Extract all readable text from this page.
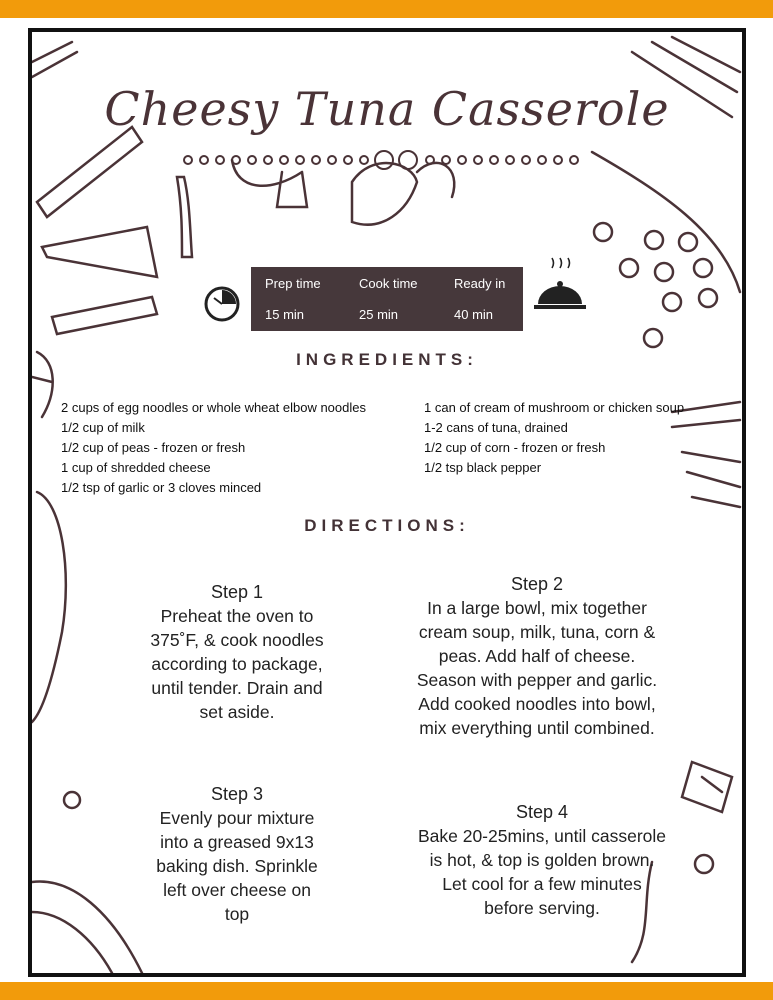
Cheesy Tuna Casserole
Prep time
15 min
Cook time
25 min
Ready in
40 min
INGREDIENTS:
2 cups of egg noodles or whole wheat elbow noodles
1/2 cup of milk
1/2 cup of peas - frozen or fresh
1 cup of shredded cheese
1/2 tsp of garlic or 3 cloves minced
1 can of cream of mushroom or chicken soup
1-2 cans of tuna, drained
1/2 cup of corn - frozen or fresh
1/2 tsp black pepper
DIRECTIONS:
Step 1
Preheat the oven to
375˚F, & cook noodles
according to package,
until tender. Drain and
set aside.
Step 2
In a large bowl, mix together
cream soup, milk, tuna, corn &
peas. Add half of cheese.
Season with pepper and garlic.
Add cooked noodles into bowl,
mix everything until combined.
Step 3
Evenly pour mixture
into a greased 9x13
baking dish. Sprinkle
left over cheese on
top
Step 4
Bake 20-25mins, until casserole
is hot, & top is golden brown.
Let cool for a few minutes
before serving.
